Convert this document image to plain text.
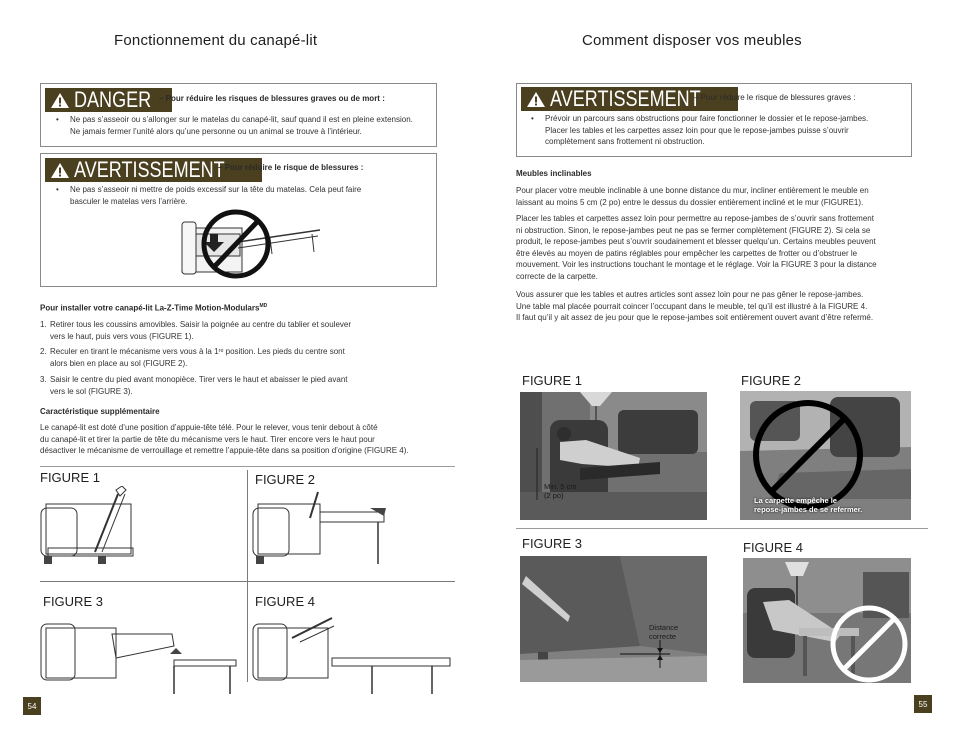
Fonctionnement du canapé-lit
DANGER – Pour réduire les risques de blessures graves ou de mort :
• Ne pas s’asseoir ou s’allonger sur le matelas du canapé-lit, sauf quand il est en pleine extension.
Ne jamais fermer l’unité alors qu’une personne ou un animal se trouve à l’intérieur.
AVERTISSEMENT
– Pour réduire le risque de blessures :
• Ne pas s’asseoir ni mettre de poids excessif sur la tête du matelas. Cela peut faire
basculer le matelas vers l’arrière.
Pour installer votre canapé-lit La-Z-Time Motion-Modulars$^{MD}$
1. Retirer tous les coussins amovibles. Saisir la poignée au centre du tablier et soulever
vers le haut, puis vers vous (FIGURE 1).
2. Reculer en tirant le mécanisme vers vous à la 1ʳᵉ position. Les pieds du centre sont
alors bien en place au sol (FIGURE 2).
3. Saisir le centre du pied avant monopièce. Tirer vers le haut et abaisser le pied avant
vers le sol (FIGURE 3).
Caractéristique supplémentaire
Le canapé-lit est doté d’une position d’appuie-tête télé. Pour le relever, vous tenir debout à côté
du canapé-lit et tirer la partie de tête du mécanisme vers le haut. Tirer encore vers le haut pour
désactiver le mécanisme de verrouillage et remettre l’appuie-tête dans sa position d’origine (FIGURE 4).
FIGURE 1	FIGURE 2
FIGURE 3	FIGURE 4
54
Comment disposer vos meubles
AVERTISSEMENT
– Pour réduire le risque de blessures graves :
• Prévoir un parcours sans obstructions pour faire fonctionner le dossier et le repose-jambes.
Placer les tables et les carpettes assez loin pour que le repose-jambes puisse s’ouvrir
complètement sans frottement ni obstruction.
Meubles inclinables
Pour placer votre meuble inclinable à une bonne distance du mur, incliner entièrement le meuble en
laissant au moins 5 cm (2 po) entre le dessus du dossier entièrement incliné et le mur (FIGURE1).
Placer les tables et carpettes assez loin pour permettre au repose-jambes de s’ouvrir sans frottement
ni obstruction. Sinon, le repose-jambes peut ne pas se fermer complètement (FIGURE 2). Si cela se
produit, le repose-jambes peut s’ouvrir soudainement et blesser quelqu’un. Certains meubles peuvent
être élevés au moyen de patins réglables pour empêcher les carpettes de frotter ou d’obstruer le
mouvement. Voir les instructions touchant le montage et le réglage. Voir la FIGURE 3 pour la distance
correcte de la carpette.
Vous assurer que les tables et autres articles sont assez loin pour ne pas gêner le repose-jambes.
Une table mal placée pourrait coincer l’occupant dans le meuble, tel qu’il est illustré à la FIGURE 4.
Il faut qu’il y ait assez de jeu pour que le repose-jambes soit entièrement ouvert avant d’être refermé.
FIGURE 1	FIGURE 2
FIGURE 3	FIGURE 4
Min. 5 cm
(2 po)
La carpette empêche le
repose-jambes de se refermer.
Distance
correcte
55
